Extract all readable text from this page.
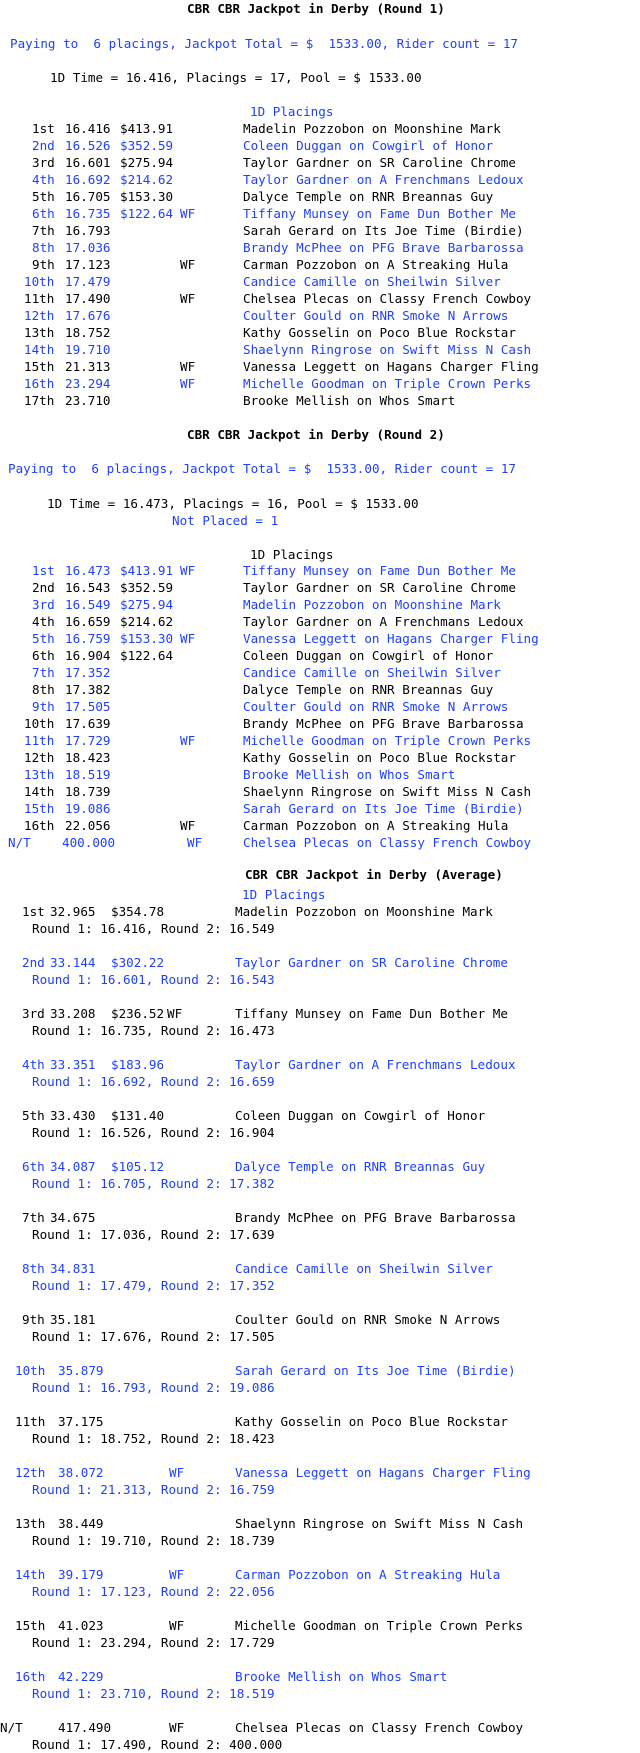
CBR CBR Jackpot in Derby (Round 1)
Paying to  6 placings, Jackpot Total = $  1533.00, Rider count = 17
1D Time = 16.416, Placings = 17, Pool = $ 1533.00
1D Placings
1st 16.416 $413.91	Madelin Pozzobon on Moonshine Mark
2nd 16.526 $352.59	Coleen Duggan on Cowgirl of Honor
3rd 16.601 $275.94	Taylor Gardner on SR Caroline Chrome
4th 16.692 $214.62	Taylor Gardner on A Frenchmans Ledoux
5th 16.705 $153.30	Dalyce Temple on RNR Breannas Guy
6th 16.735 $122.64 WF	Tiffany Munsey on Fame Dun Bother Me
7th 16.793	Sarah Gerard on Its Joe Time (Birdie)
8th 17.036	Brandy McPhee on PFG Brave Barbarossa
9th 17.123	WF	Carman Pozzobon on A Streaking Hula
10th 17.479	Candice Camille on Sheilwin Silver
11th 17.490	WF	Chelsea Plecas on Classy French Cowboy
12th 17.676	Coulter Gould on RNR Smoke N Arrows
13th 18.752	Kathy Gosselin on Poco Blue Rockstar
14th 19.710	Shaelynn Ringrose on Swift Miss N Cash
15th 21.313	WF	Vanessa Leggett on Hagans Charger Fling
16th 23.294	WF	Michelle Goodman on Triple Crown Perks
17th 23.710	Brooke Mellish on Whos Smart
CBR CBR Jackpot in Derby (Round 2)
Paying to  6 placings, Jackpot Total = $  1533.00, Rider count = 17
1D Time = 16.473, Placings = 16, Pool = $ 1533.00
Not Placed = 1
1D Placings
1st 16.473 $413.91 WF	Tiffany Munsey on Fame Dun Bother Me
2nd 16.543 $352.59	Taylor Gardner on SR Caroline Chrome
3rd 16.549 $275.94	Madelin Pozzobon on Moonshine Mark
4th 16.659 $214.62	Taylor Gardner on A Frenchmans Ledoux
5th 16.759 $153.30 WF	Vanessa Leggett on Hagans Charger Fling
6th 16.904 $122.64	Coleen Duggan on Cowgirl of Honor
7th 17.352	Candice Camille on Sheilwin Silver
8th 17.382	Dalyce Temple on RNR Breannas Guy
9th 17.505	Coulter Gould on RNR Smoke N Arrows
10th 17.639	Brandy McPhee on PFG Brave Barbarossa
11th 17.729	WF	Michelle Goodman on Triple Crown Perks
12th 18.423	Kathy Gosselin on Poco Blue Rockstar
13th 18.519	Brooke Mellish on Whos Smart
14th 18.739	Shaelynn Ringrose on Swift Miss N Cash
15th 19.086	Sarah Gerard on Its Joe Time (Birdie)
16th 22.056	WF	Carman Pozzobon on A Streaking Hula
N/T 400.000	WF	Chelsea Plecas on Classy French Cowboy
CBR CBR Jackpot in Derby (Average)
1D Placings
1st 32.965 $354.78	Madelin Pozzobon on Moonshine Mark
Round 1: 16.416, Round 2: 16.549
2nd 33.144 $302.22	Taylor Gardner on SR Caroline Chrome
Round 1: 16.601, Round 2: 16.543
3rd 33.208 $236.52 WF	Tiffany Munsey on Fame Dun Bother Me
Round 1: 16.735, Round 2: 16.473
4th 33.351 $183.96	Taylor Gardner on A Frenchmans Ledoux
Round 1: 16.692, Round 2: 16.659
5th 33.430 $131.40	Coleen Duggan on Cowgirl of Honor
Round 1: 16.526, Round 2: 16.904
6th 34.087 $105.12	Dalyce Temple on RNR Breannas Guy
Round 1: 16.705, Round 2: 17.382
7th 34.675	Brandy McPhee on PFG Brave Barbarossa
Round 1: 17.036, Round 2: 17.639
8th 34.831	Candice Camille on Sheilwin Silver
Round 1: 17.479, Round 2: 17.352
9th 35.181	Coulter Gould on RNR Smoke N Arrows
Round 1: 17.676, Round 2: 17.505
10th 35.879	Sarah Gerard on Its Joe Time (Birdie)
Round 1: 16.793, Round 2: 19.086
11th 37.175	Kathy Gosselin on Poco Blue Rockstar
Round 1: 18.752, Round 2: 18.423
12th 38.072	WF	Vanessa Leggett on Hagans Charger Fling
Round 1: 21.313, Round 2: 16.759
13th 38.449	Shaelynn Ringrose on Swift Miss N Cash
Round 1: 19.710, Round 2: 18.739
14th 39.179	WF	Carman Pozzobon on A Streaking Hula
Round 1: 17.123, Round 2: 22.056
15th 41.023	WF	Michelle Goodman on Triple Crown Perks
Round 1: 23.294, Round 2: 17.729
16th 42.229	Brooke Mellish on Whos Smart
Round 1: 23.710, Round 2: 18.519
N/T	417.490	WF	Chelsea Plecas on Classy French Cowboy
Round 1: 17.490, Round 2: 400.000
